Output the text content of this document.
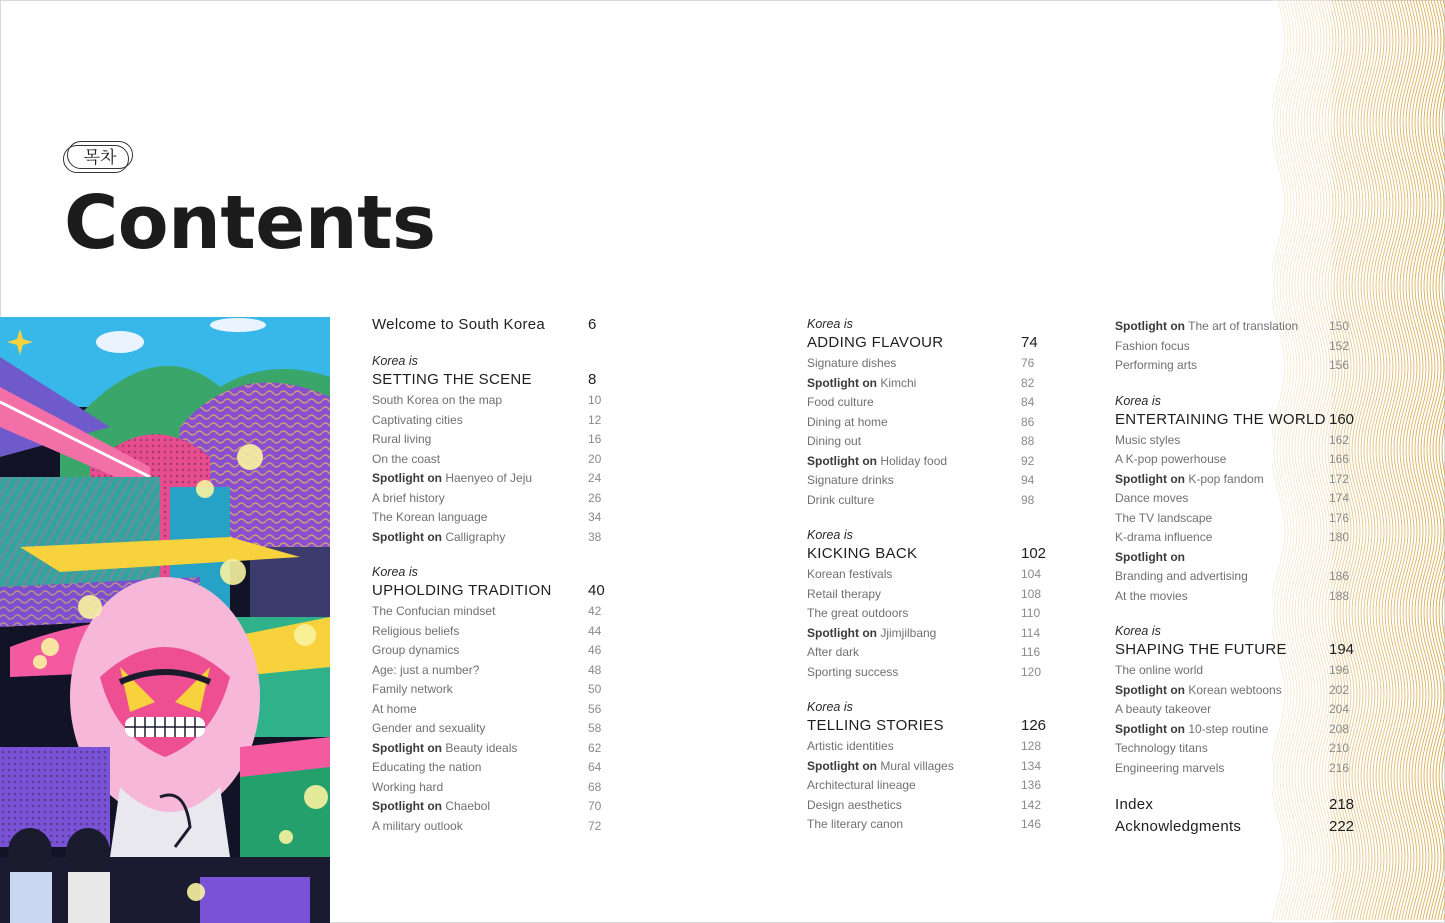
목차
Contents
Welcome to South Korea	6
Korea is
SETTING THE SCENE	8
South Korea on the map	10
Captivating cities	12
Rural living	16
On the coast	20
Spotlight on Haenyeo of Jeju	24
A brief history	26
The Korean language	34
Spotlight on Calligraphy	38
Korea is
UPHOLDING TRADITION 40
The Confucian mindset	42
Religious beliefs	44
Group dynamics	46
Age: just a number?	48
Family network	50
At home	56
Gender and sexuality	58
Spotlight on Beauty ideals	62
Educating the nation	64
Working hard	68
Spotlight on Chaebol	70
A military outlook	72
Korea is
ADDING FLAVOUR	74
Signature dishes	76
Spotlight on Kimchi	82
Food culture	84
Dining at home	86
Dining out	88
Spotlight on Holiday food	92
Signature drinks	94
Drink culture	98
Korea is
KICKING BACK	102
Korean festivals	104
Retail therapy	108
The great outdoors	110
Spotlight on Jjimjilbang	114
After dark	116
Sporting success	120
Korea is
TELLING STORIES	126
Artistic identities	128
Spotlight on Mural villages	134
Architectural lineage	136
Design aesthetics	142
The literary canon	146
Spotlight on The art of translation	150
Fashion focus	152
Performing arts	156
Korea is
ENTERTAINING THE WORLD 160
Music styles	162
A K-pop powerhouse	166
Spotlight on K-pop fandom	172
Dance moves	174
The TV landscape	176
K-drama influence	180
Spotlight on
Branding and advertising	186
At the movies	188
Korea is
SHAPING THE FUTURE	194
The online world	196
Spotlight on Korean webtoons	202
A beauty takeover	204
Spotlight on 10-step routine	208
Technology titans	210
Engineering marvels	216
Index	218
Acknowledgments	222
